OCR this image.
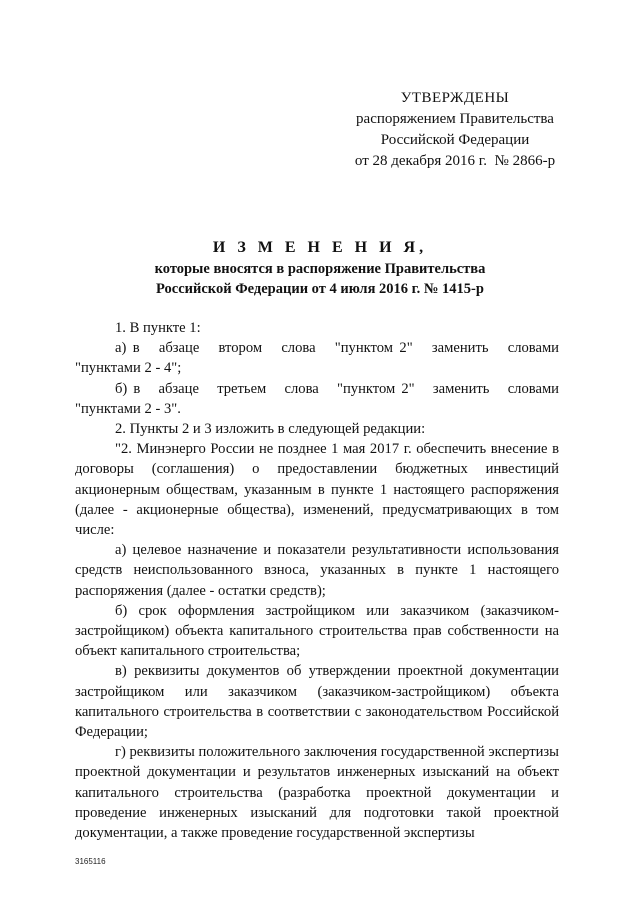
УТВЕРЖДЕНЫ
распоряжением Правительства
Российской Федерации
от 28 декабря 2016 г.  № 2866-р
И З М Е Н Е Н И Я,
которые вносятся в распоряжение Правительства
Российской Федерации от 4 июля 2016 г. № 1415-р

1. В пункте 1:

а) в   абзаце   втором   слова   "пунктом 2"   заменить   словами

"пунктами 2 - 4";

б) в   абзаце   третьем   слова   "пунктом 2"   заменить   словами

"пунктами 2 - 3".

2. Пункты 2 и 3 изложить в следующей редакции:

"2. Минэнерго России не позднее 1 мая 2017 г. обеспечить внесение в договоры (соглашения) о предоставлении бюджетных инвестиций акционерным обществам, указанным в пункте 1 настоящего распоряжения (далее - акционерные общества), изменений, предусматривающих в том числе:

а) целевое назначение и показатели результативности использования средств неиспользованного взноса, указанных в пункте 1 настоящего распоряжения (далее - остатки средств);

б) срок оформления застройщиком или заказчиком (заказчиком-застройщиком) объекта капитального строительства прав собственности на объект капитального строительства;

в) реквизиты документов об утверждении проектной документации застройщиком или заказчиком (заказчиком-застройщиком) объекта капитального строительства в соответствии с законодательством Российской Федерации;

г) реквизиты положительного заключения государственной экспертизы проектной документации и результатов инженерных изысканий на объект капитального строительства (разработка проектной документации и проведение инженерных изысканий для подготовки такой проектной документации, а также проведение государственной экспертизы

3165116
